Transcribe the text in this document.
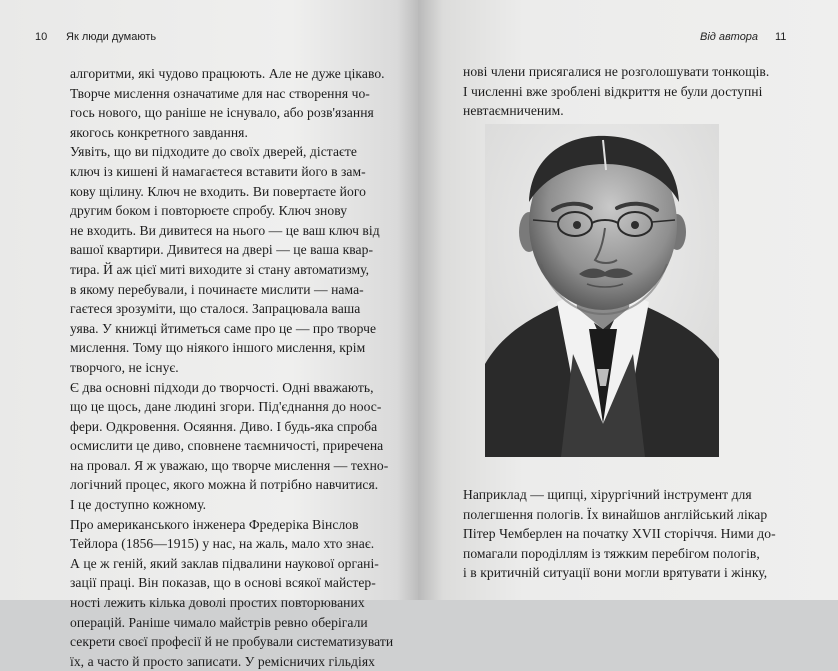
10 Як люди думають
алгоритми, які чудово працюють. Але не дуже цікаво.
Творче мислення означатиме для нас створення чо-
гось нового, що раніше не існувало, або розв'язання
якогось конкретного завдання.
Уявіть, що ви підходите до своїх дверей, дістаєте
ключ із кишені й намагаєтеся вставити його в зам-
кову щілину. Ключ не входить. Ви повертаєте його
другим боком і повторюєте спробу. Ключ знову
не входить. Ви дивитеся на нього — це ваш ключ від
вашої квартири. Дивитеся на двері — це ваша квар-
тира. Й аж цієї миті виходите зі стану автоматизму,
в якому перебували, і починаєте мислити — нама-
гаєтеся зрозуміти, що сталося. Запрацювала ваша
уява. У книжці йтиметься саме про це — про творче
мислення. Тому що ніякого іншого мислення, крім
творчого, не існує.
Є два основні підходи до творчості. Одні вважають,
що це щось, дане людині згори. Під'єднання до ноос-
фери. Одкровення. Осяяння. Диво. І будь-яка спроба
осмислити це диво, сповнене таємничості, приречена
на провал. Я ж уважаю, що творче мислення — техно-
логічний процес, якого можна й потрібно навчитися.
І це доступно кожному.
Про американського інженера Фредеріка Вінслов
Тейлора (1856—1915) у нас, на жаль, мало хто знає.
А це ж геній, який заклав підвалини наукової органі-
зації праці. Він показав, що в основі всякої майстер-
ності лежить кілька доволі простих повторюваних
операцій. Раніше чимало майстрів ревно оберігали
секрети своєї професії й не пробували систематизувати
їх, а часто й просто записати. У ремісничих гільдіях
Від автора 11
нові члени присягалися не розголошувати тонкощів.
І численні вже зроблені відкриття не були доступні
невтаємниченим.
Наприклад — щипці, хірургічний інструмент для
полегшення пологів. Їх винайшов англійський лікар
Пітер Чемберлен на початку XVII сторіччя. Ними до-
помагали породіллям із тяжким перебігом пологів,
і в критичній ситуації вони могли врятувати і жінку,
